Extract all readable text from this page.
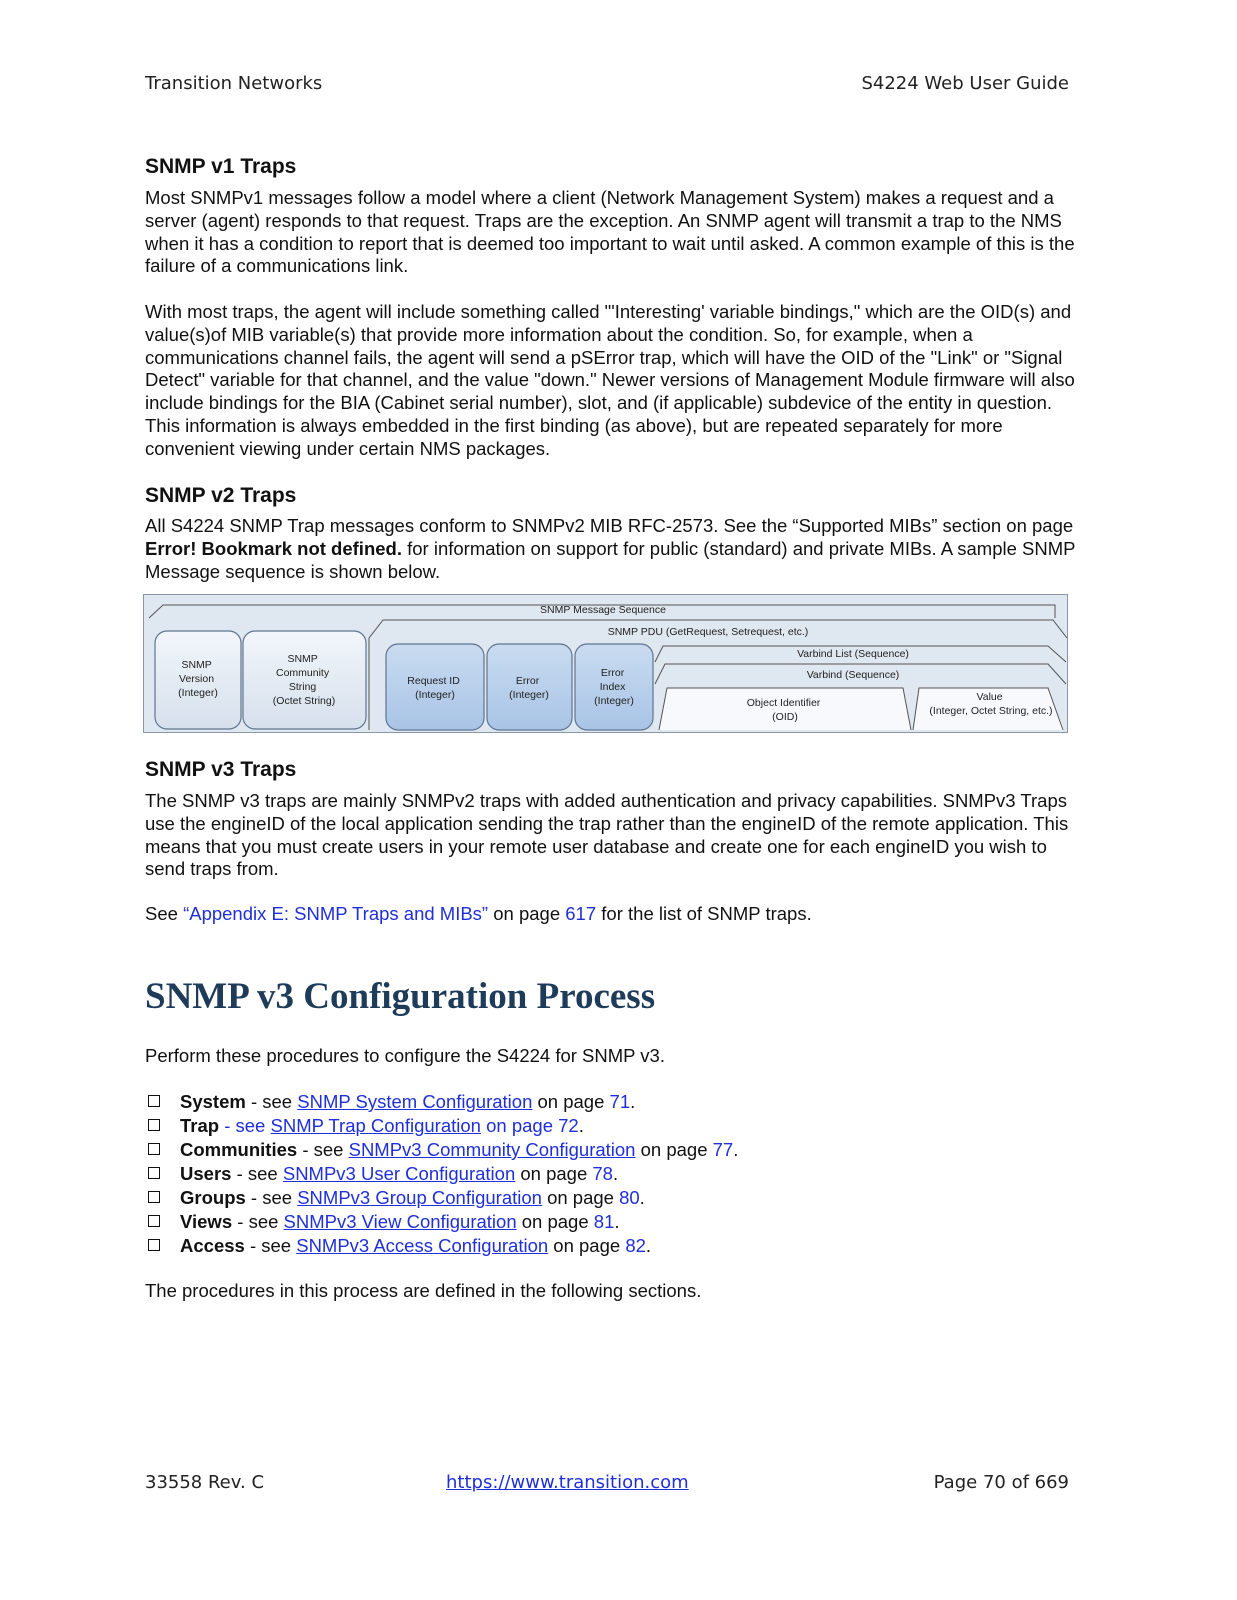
Transition Networks	S4224 Web User Guide
SNMP v1 Traps

Most SNMPv1 messages follow a model where a client (Network Management System) makes a request and a server (agent) responds to that request. Traps are the exception. An SNMP agent will transmit a trap to the NMS when it has a condition to report that is deemed too important to wait until asked. A common example of this is the failure of a communications link.

With most traps, the agent will include something called "'Interesting' variable bindings," which are the OID(s) and value(s)of MIB variable(s) that provide more information about the condition. So, for example, when a communications channel fails, the agent will send a pSError trap, which will have the OID of the "Link" or "Signal Detect" variable for that channel, and the value "down." Newer versions of Management Module firmware will also include bindings for the BIA (Cabinet serial number), slot, and (if applicable) subdevice of the entity in question. This information is always embedded in the first binding (as above), but are repeated separately for more convenient viewing under certain NMS packages.

SNMP v2 Traps

All S4224 SNMP Trap messages conform to SNMPv2 MIB RFC-2573. See the “Supported MIBs” section on page Error! Bookmark not defined. for information on support for public (standard) and private MIBs. A sample SNMP Message sequence is shown below.

SNMP Message Sequence
SNMP PDU (GetRequest, Setrequest, etc.)
Varbind List (Sequence)
Varbind (Sequence)
SNMP Version (Integer)
SNMP Community String (Octet String)
Request ID (Integer)
Error (Integer)
Error Index (Integer)	Object Identifier (OID)
Value (Integer, Octet String, etc.)
SNMP v3 Traps

The SNMP v3 traps are mainly SNMPv2 traps with added authentication and privacy capabilities. SNMPv3 Traps use the engineID of the local application sending the trap rather than the engineID of the remote application. This means that you must create users in your remote user database and create one for each engineID you wish to send traps from.

See “Appendix E: SNMP Traps and MIBs” on page 617 for the list of SNMP traps.

SNMP v3 Configuration Process

Perform these procedures to configure the S4224 for SNMP v3.

System - see SNMP System Configuration on page 71.
Trap - see SNMP Trap Configuration on page 72.
Communities - see SNMPv3 Community Configuration on page 77.
Users - see SNMPv3 User Configuration on page 78.
Groups - see SNMPv3 Group Configuration on page 80.
Views - see SNMPv3 View Configuration on page 81.
Access - see SNMPv3 Access Configuration on page 82.

The procedures in this process are defined in the following sections.

33558 Rev. C	https://www.transition.com	Page 70 of 669
